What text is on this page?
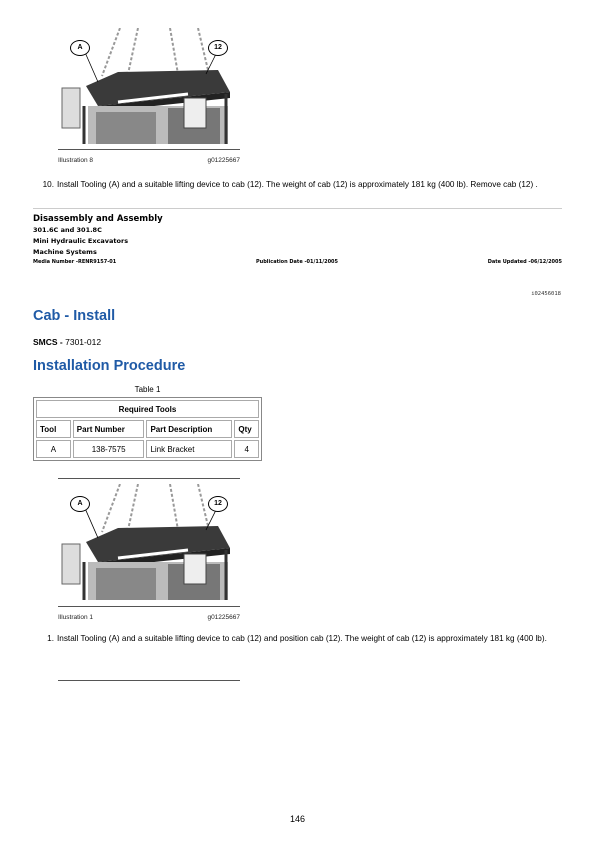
A	12
Illustration 8	g01225667
10. Install Tooling (A) and a suitable lifting device to cab (12). The weight of cab (12) is approximately 181 kg (400 lb). Remove cab (12) .
Disassembly and Assembly
301.6C and 301.8C
Mini Hydraulic Excavators
Machine Systems
Media Number -RENR9157-01	Publication Date -01/11/2005	Date Updated -06/12/2005
i02456018
Cab - Install
SMCS - 7301-012
Installation Procedure
Table 1
Required Tools			
Tool	Part Number	Part Description	Qty
A	138-7575	Link Bracket	4
A	12
Illustration 1	g01225667
1. Install Tooling (A) and a suitable lifting device to cab (12) and position cab (12). The weight of cab (12) is approximately 181 kg (400 lb).
146
